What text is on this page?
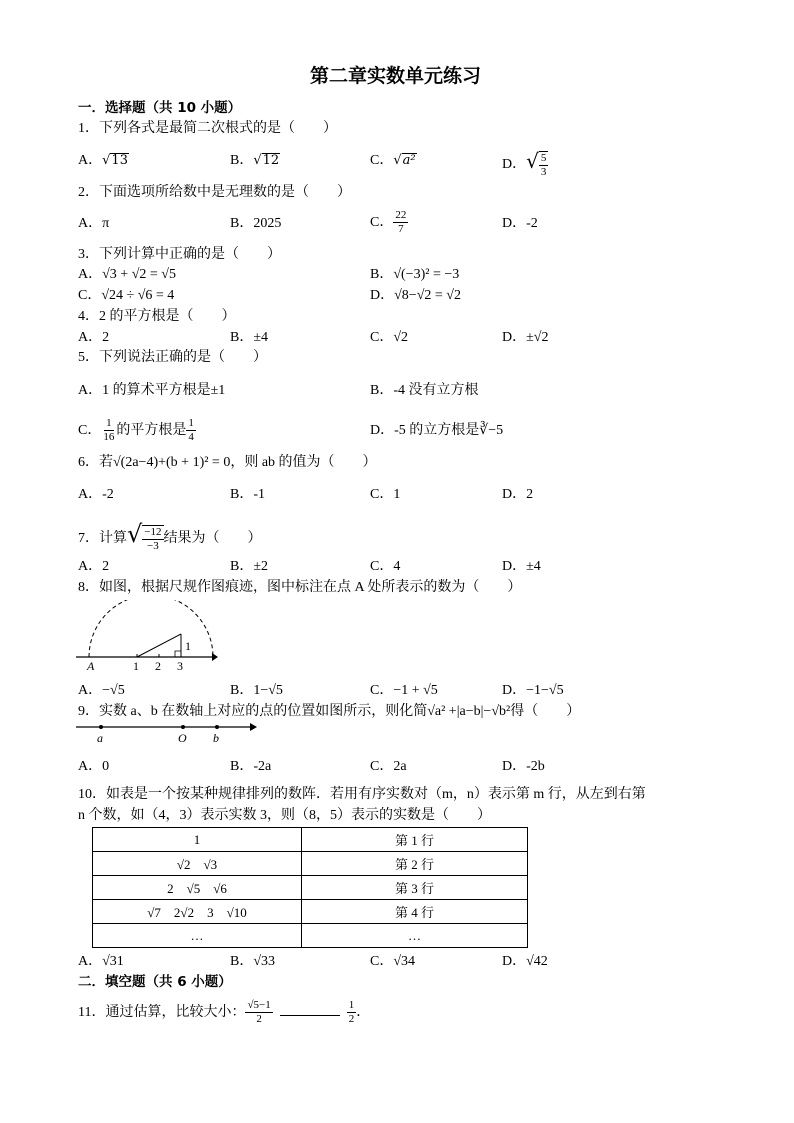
第二章实数单元练习
一．选择题（共 10 小题）
1．下列各式是最简二次根式的是（　　）
A．√13	B．√12	C．√a²	D．√ $\frac{5}{3}$
2．下面选项所给数中是无理数的是（　　）
A．π	B．2025	C． $\frac{22}{7}$	D．-2
3．下列计算中正确的是（　　）
A．√3 + √2 = √5	B．√(−3)² = −3
C．√24 ÷ √6 = 4	D．√8−√2 = √2
4．2 的平方根是（　　）
A．2	B．±4	C．√2	D．±√2
5．下列说法正确的是（　　）
A．1 的算术平方根是±1	B．-4 没有立方根
C． $\frac{1}{16}$ 的平方根是 $\frac{1}{4}$	D．-5 的立方根是∛−5
6．若√(2a−4)+(b + 1)² = 0，则 ab 的值为（　　）
A．-2	B．-1	C．1	D．2
7．计算√ $\frac{-12}{-3}$ 结果为（　　）
A．2	B．±2	C．4	D．±4
8．如图，根据尺规作图痕迹，图中标注在点 A 处所表示的数为（　　）
A	1 2 3
1
A．−√5	B．1−√5	C．−1 + √5	D．−1−√5
9．实数 a、b 在数轴上对应的点的位置如图所示，则化简√a² +|a−b|−√b²得（　　）
a	O b
A．0	B．-2a	C．2a	D．-2b
10．如表是一个按某种规律排列的数阵．若用有序实数对（m，n）表示第 m 行，从左到右第
n 个数，如（4，3）表示实数 3，则（8，5）表示的实数是（　　）
1	第 1 行
√2　√3	第 2 行
2　√5　√6	第 3 行
√7　2√2　3　√10	第 4 行
…	…
A．√31	B．√33	C．√34	D．√42
二．填空题（共 6 小题）
11．通过估算，比较大小： $\frac{√5-1}{2}$
	$\frac{1}{2}$ ．
